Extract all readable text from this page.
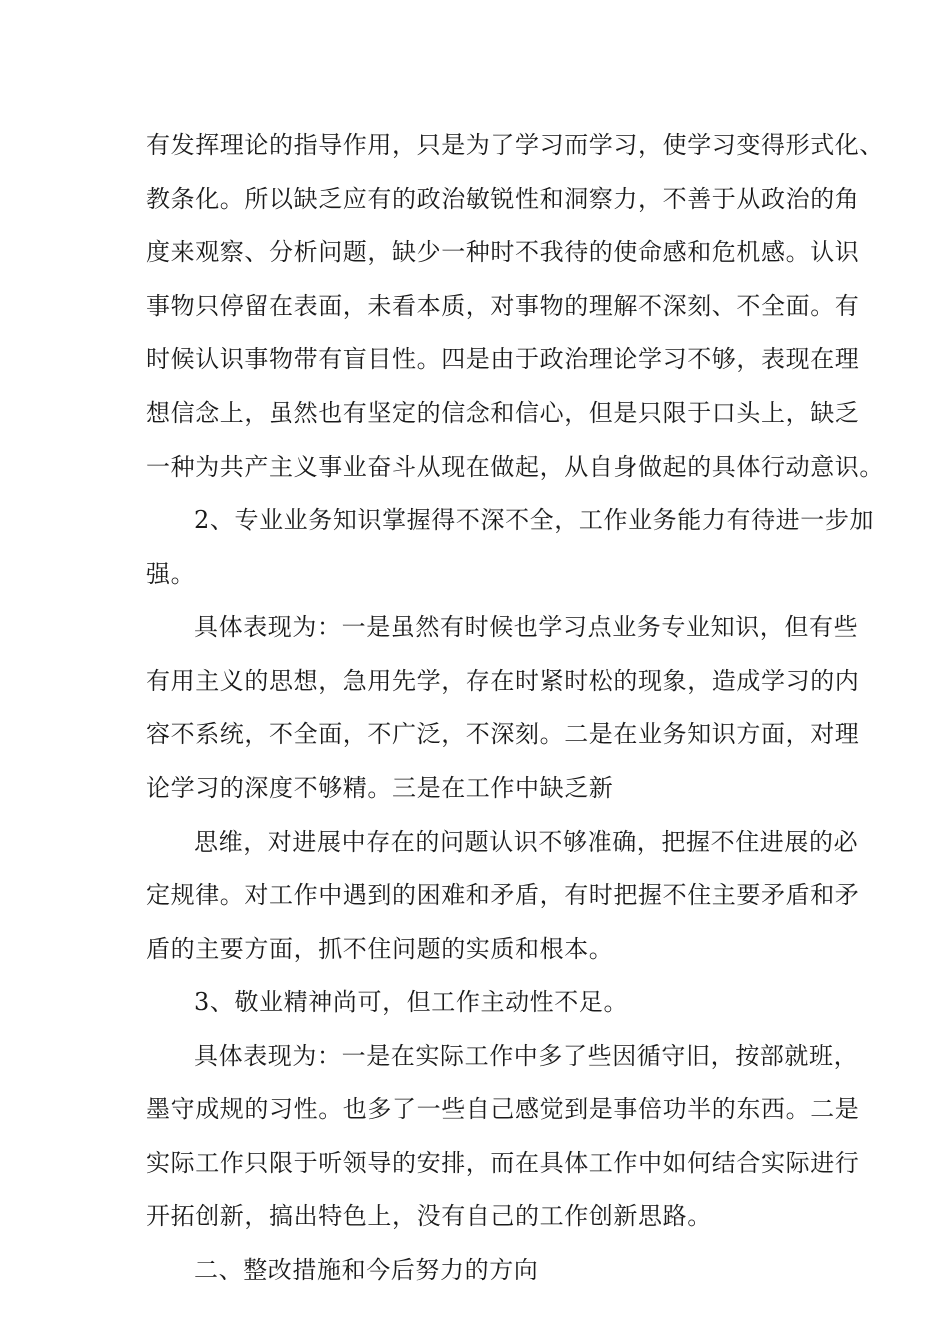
有发挥理论的指导作用，只是为了学习而学习，使学习变得形式化、
教条化。所以缺乏应有的政治敏锐性和洞察力，不善于从政治的角
度来观察、分析问题，缺少一种时不我待的使命感和危机感。认识
事物只停留在表面，未看本质，对事物的理解不深刻、不全面。有
时候认识事物带有盲目性。四是由于政治理论学习不够，表现在理
想信念上，虽然也有坚定的信念和信心，但是只限于口头上，缺乏
一种为共产主义事业奋斗从现在做起，从自身做起的具体行动意识。
2、专业业务知识掌握得不深不全，工作业务能力有待进一步加
强。
具体表现为：一是虽然有时候也学习点业务专业知识，但有些
有用主义的思想，急用先学，存在时紧时松的现象，造成学习的内
容不系统，不全面，不广泛，不深刻。二是在业务知识方面，对理
论学习的深度不够精。三是在工作中缺乏新
思维，对进展中存在的问题认识不够准确，把握不住进展的必
定规律。对工作中遇到的困难和矛盾，有时把握不住主要矛盾和矛
盾的主要方面，抓不住问题的实质和根本。
3、敬业精神尚可，但工作主动性不足。
具体表现为：一是在实际工作中多了些因循守旧，按部就班，
墨守成规的习性。也多了一些自己感觉到是事倍功半的东西。二是
实际工作只限于听领导的安排，而在具体工作中如何结合实际进行
开拓创新，搞出特色上，没有自己的工作创新思路。
二、整改措施和今后努力的方向
